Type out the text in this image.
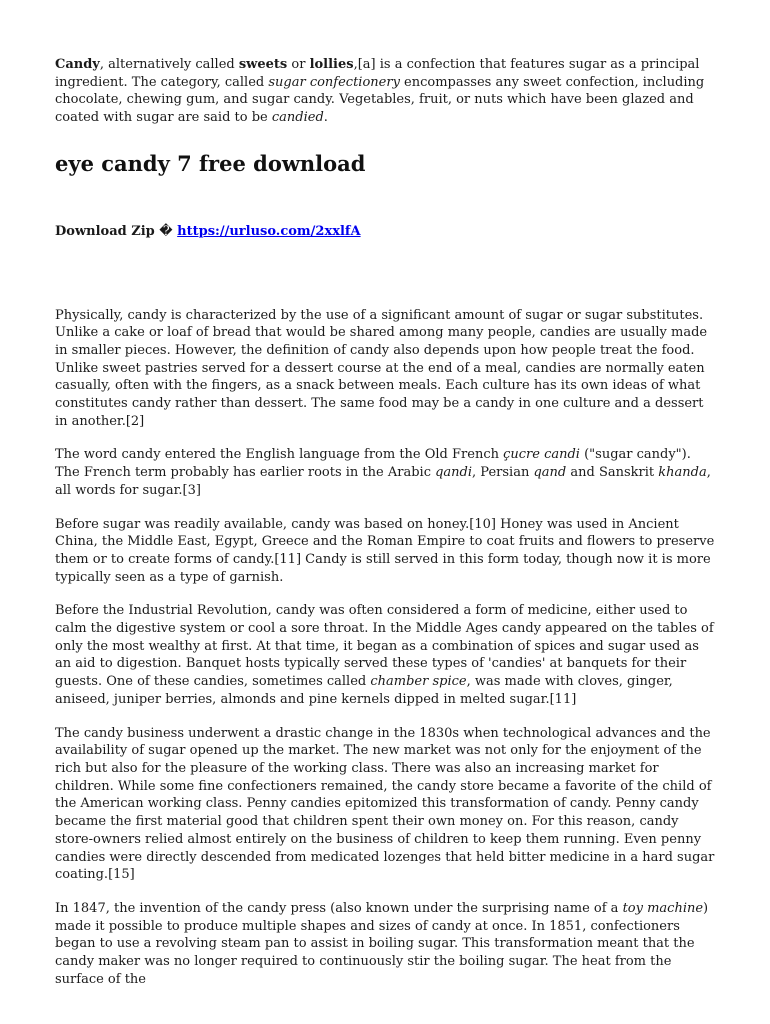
Candy, alternatively called sweets or lollies,[a] is a confection that features sugar as a principal ingredient. The category, called sugar confectionery encompasses any sweet confection, including chocolate, chewing gum, and sugar candy. Vegetables, fruit, or nuts which have been glazed and coated with sugar are said to be candied.

eye candy 7 free download

Download Zip � https://urluso.com/2xxlfA

Physically, candy is characterized by the use of a significant amount of sugar or sugar substitutes. Unlike a cake or loaf of bread that would be shared among many people, candies are usually made in smaller pieces. However, the definition of candy also depends upon how people treat the food. Unlike sweet pastries served for a dessert course at the end of a meal, candies are normally eaten casually, often with the fingers, as a snack between meals. Each culture has its own ideas of what constitutes candy rather than dessert. The same food may be a candy in one culture and a dessert in another.[2]

The word candy entered the English language from the Old French çucre candi ("sugar candy"). The French term probably has earlier roots in the Arabic qandi, Persian qand and Sanskrit khanda, all words for sugar.[3]

Before sugar was readily available, candy was based on honey.[10] Honey was used in Ancient China, the Middle East, Egypt, Greece and the Roman Empire to coat fruits and flowers to preserve them or to create forms of candy.[11] Candy is still served in this form today, though now it is more typically seen as a type of garnish.

Before the Industrial Revolution, candy was often considered a form of medicine, either used to calm the digestive system or cool a sore throat. In the Middle Ages candy appeared on the tables of only the most wealthy at first. At that time, it began as a combination of spices and sugar used as an aid to digestion. Banquet hosts typically served these types of 'candies' at banquets for their guests. One of these candies, sometimes called chamber spice, was made with cloves, ginger, aniseed, juniper berries, almonds and pine kernels dipped in melted sugar.[11]

The candy business underwent a drastic change in the 1830s when technological advances and the availability of sugar opened up the market. The new market was not only for the enjoyment of the rich but also for the pleasure of the working class. There was also an increasing market for children. While some fine confectioners remained, the candy store became a favorite of the child of the American working class. Penny candies epitomized this transformation of candy. Penny candy became the first material good that children spent their own money on. For this reason, candy store-owners relied almost entirely on the business of children to keep them running. Even penny candies were directly descended from medicated lozenges that held bitter medicine in a hard sugar coating.[15]

In 1847, the invention of the candy press (also known under the surprising name of a toy machine) made it possible to produce multiple shapes and sizes of candy at once. In 1851, confectioners began to use a revolving steam pan to assist in boiling sugar. This transformation meant that the candy maker was no longer required to continuously stir the boiling sugar. The heat from the surface of the
